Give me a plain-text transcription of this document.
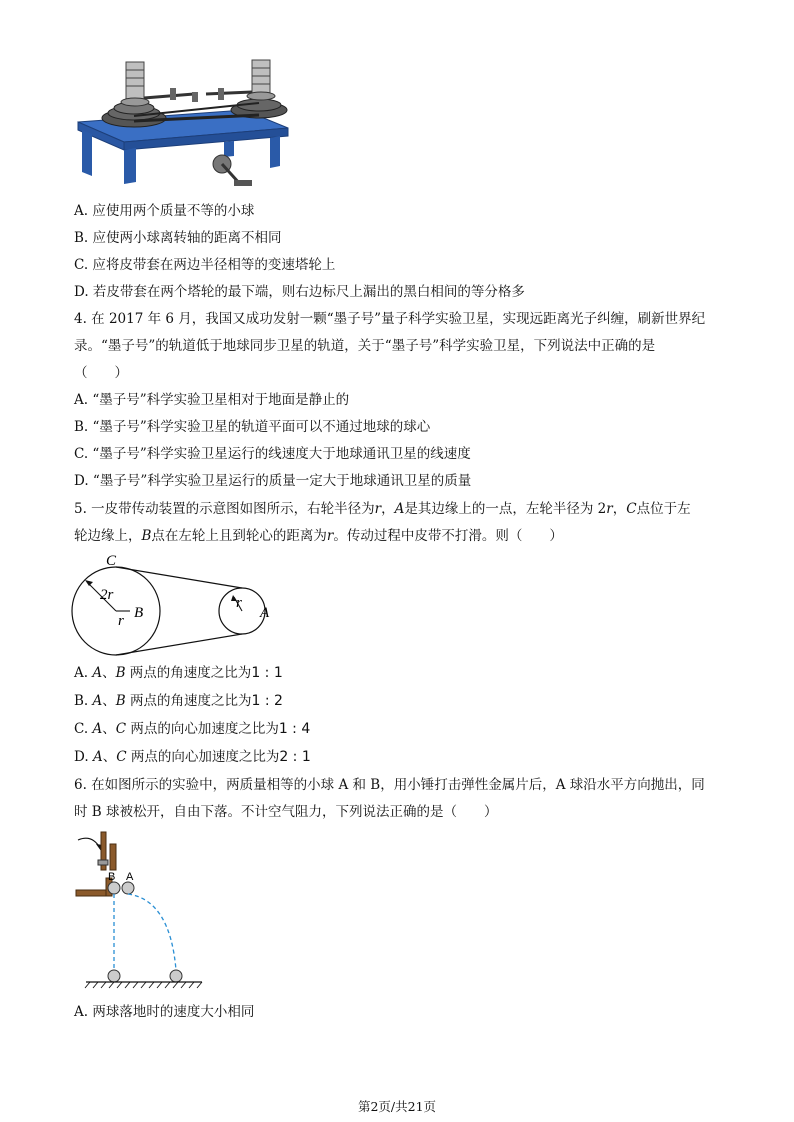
A. 应使用两个质量不等的小球
B. 应使两小球离转轴的距离不相同
C. 应将皮带套在两边半径相等的变速塔轮上
D. 若皮带套在两个塔轮的最下端，则右边标尺上漏出的黑白相间的等分格多
4. 在 2017 年 6 月，我国又成功发射一颗“墨子号”量子科学实验卫星，实现远距离光子纠缠，刷新世界纪
录。“墨子号”的轨道低于地球同步卫星的轨道，关于“墨子号”科学实验卫星，下列说法中正确的是
（　　）
A. “墨子号”科学实验卫星相对于地面是静止的
B. “墨子号”科学实验卫星的轨道平面可以不通过地球的球心
C. “墨子号”科学实验卫星运行的线速度大于地球通讯卫星的线速度
D. “墨子号”科学实验卫星运行的质量一定大于地球通讯卫星的质量
5. 一皮带传动装置的示意图如图所示，右轮半径为r，A是其边缘上的一点，左轮半径为 2r，C点位于左
轮边缘上，B点在左轮上且到轮心的距离为r。传动过程中皮带不打滑。则（　　）
C
2r
r B
r
A
A. A、B 两点的角速度之比为1 : 1
B. A、B 两点的角速度之比为1 : 2
C. A、C 两点的向心加速度之比为1 : 4
D. A、C 两点的向心加速度之比为2 : 1
6. 在如图所示的实验中，两质量相等的小球 A 和 B，用小锤打击弹性金属片后，A 球沿水平方向抛出，同
时 B 球被松开，自由下落。不计空气阻力，下列说法正确的是（　　）
B A
A. 两球落地时的速度大小相同
第2页/共21页
